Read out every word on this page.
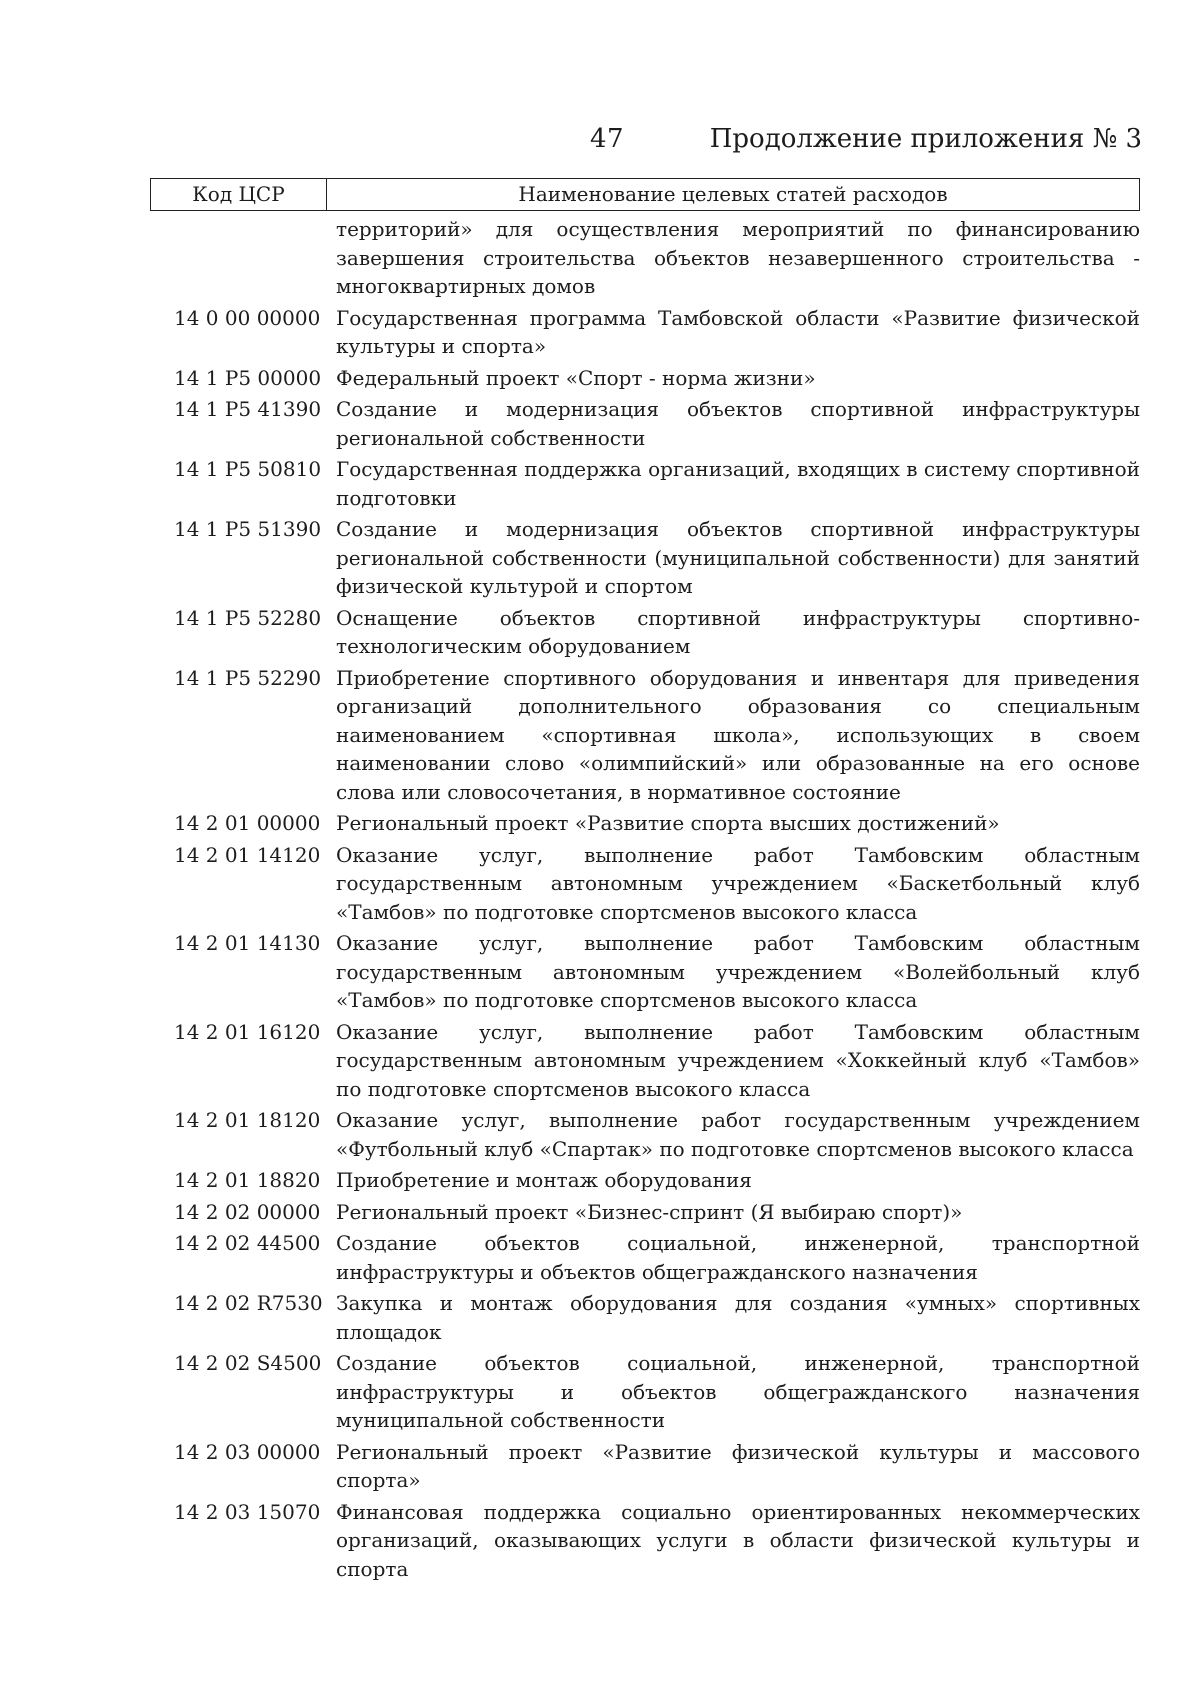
47	Продолжение приложения № 3
Код ЦСР	Наименование целевых статей расходов
территорий» для осуществления мероприятий по финансированию завершения строительства объектов незавершенного строительства - многоквартирных домов
14 0 00 00000 Государственная программа Тамбовской области «Развитие физической культуры и спорта»
14 1 P5 00000 Федеральный проект «Спорт - норма жизни»
14 1 P5 41390 Создание и модернизация объектов спортивной инфраструктуры региональной собственности
14 1 P5 50810 Государственная поддержка организаций, входящих в систему спортивной подготовки
14 1 P5 51390 Создание и модернизация объектов спортивной инфраструктуры региональной собственности (муниципальной собственности) для занятий физической культурой и спортом
14 1 P5 52280 Оснащение объектов спортивной инфраструктуры спортивно-технологическим оборудованием
14 1 P5 52290 Приобретение спортивного оборудования и инвентаря для приведения организаций дополнительного образования со специальным наименованием «спортивная школа», использующих в своем наименовании слово «олимпийский» или образованные на его основе слова или словосочетания, в нормативное состояние
14 2 01 00000 Региональный проект «Развитие спорта высших достижений»
14 2 01 14120 Оказание услуг, выполнение работ Тамбовским областным государственным автономным учреждением «Баскетбольный клуб «Тамбов» по подготовке спортсменов высокого класса
14 2 01 14130 Оказание услуг, выполнение работ Тамбовским областным государственным автономным учреждением «Волейбольный клуб «Тамбов» по подготовке спортсменов высокого класса
14 2 01 16120 Оказание услуг, выполнение работ Тамбовским областным государственным автономным учреждением «Хоккейный клуб «Тамбов» по подготовке спортсменов высокого класса
14 2 01 18120 Оказание услуг, выполнение работ государственным учреждением «Футбольный клуб «Спартак» по подготовке спортсменов высокого класса
14 2 01 18820 Приобретение и монтаж оборудования
14 2 02 00000 Региональный проект «Бизнес-спринт (Я выбираю спорт)»
14 2 02 44500 Создание объектов социальной, инженерной, транспортной инфраструктуры и объектов общегражданского назначения
14 2 02 R7530 Закупка и монтаж оборудования для создания «умных» спортивных площадок
14 2 02 S4500 Создание объектов социальной, инженерной, транспортной инфраструктуры и объектов общегражданского назначения муниципальной собственности
14 2 03 00000 Региональный проект «Развитие физической культуры и массового спорта»
14 2 03 15070 Финансовая поддержка социально ориентированных некоммерческих организаций, оказывающих услуги в области физической культуры и спорта
